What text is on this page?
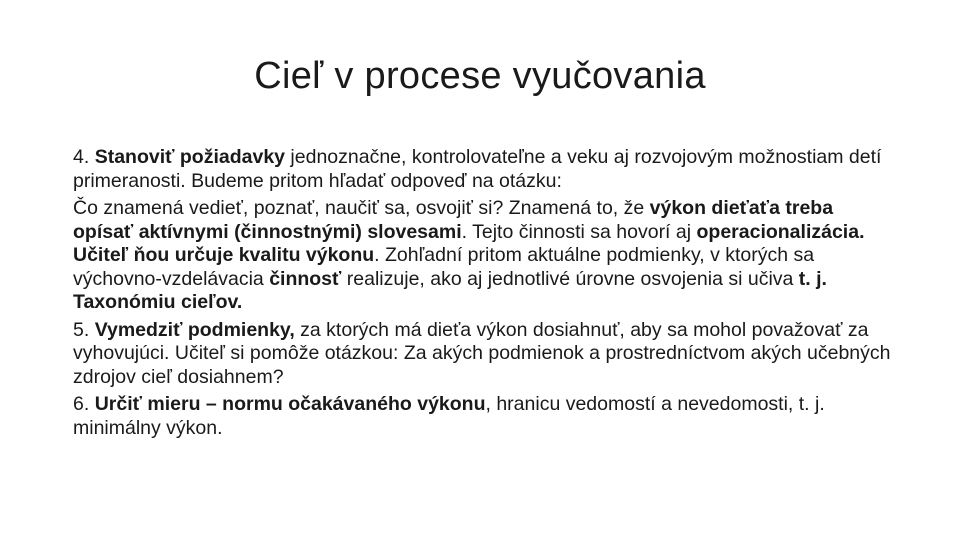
Cieľ v procese vyučovania

4. Stanoviť požiadavky jednoznačne, kontrolovateľne a veku aj rozvojovým možnostiam detí primeranosti. Budeme pritom hľadať odpoveď na otázku:

Čo znamená vedieť, poznať, naučiť sa, osvojiť si? Znamená to, že výkon dieťaťa treba opísať aktívnymi (činnostnými) slovesami. Tejto činnosti sa hovorí aj operacionalizácia. Učiteľ ňou určuje kvalitu výkonu. Zohľadní pritom aktuálne podmienky, v ktorých sa výchovno-vzdelávacia činnosť realizuje, ako aj jednotlivé úrovne osvojenia si učiva t. j. Taxonómiu cieľov.

5. Vymedziť podmienky, za ktorých má dieťa výkon dosiahnuť, aby sa mohol považovať za vyhovujúci. Učiteľ si pomôže otázkou: Za akých podmienok a prostredníctvom akých učebných zdrojov cieľ dosiahnem?

6. Určiť mieru – normu očakávaného výkonu, hranicu vedomostí a nevedomosti, t. j. minimálny výkon.
